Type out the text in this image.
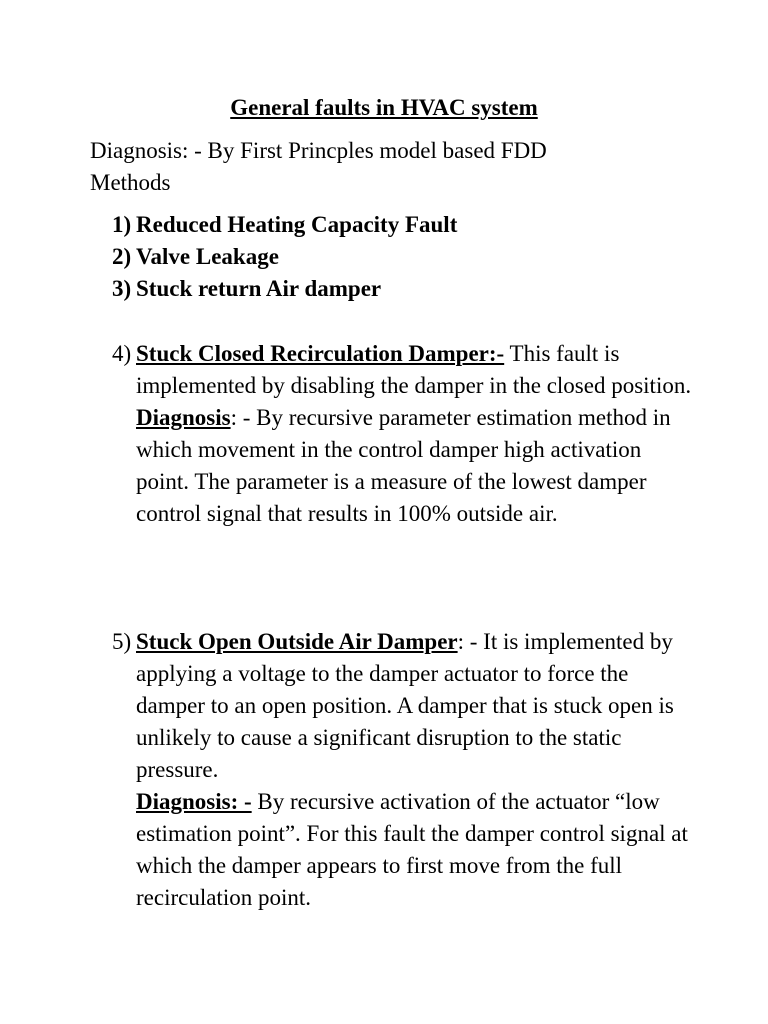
General faults in HVAC system
Diagnosis: - By First Princples model based FDD
Methods
1) Reduced Heating Capacity Fault
2) Valve Leakage
3) Stuck return Air damper
4) Stuck Closed Recirculation Damper:- This fault is implemented by disabling the damper in the closed position.
Diagnosis: - By recursive parameter estimation method in which movement in the control damper high activation point. The parameter is a measure of the lowest damper control signal that results in 100% outside air.
5) Stuck Open Outside Air Damper: - It is implemented by applying a voltage to the damper actuator to force the damper to an open position. A damper that is stuck open is unlikely to cause a significant disruption to the static pressure.
Diagnosis: - By recursive activation of the actuator “low estimation point”. For this fault the damper control signal at which the damper appears to first move from the full recirculation point.
